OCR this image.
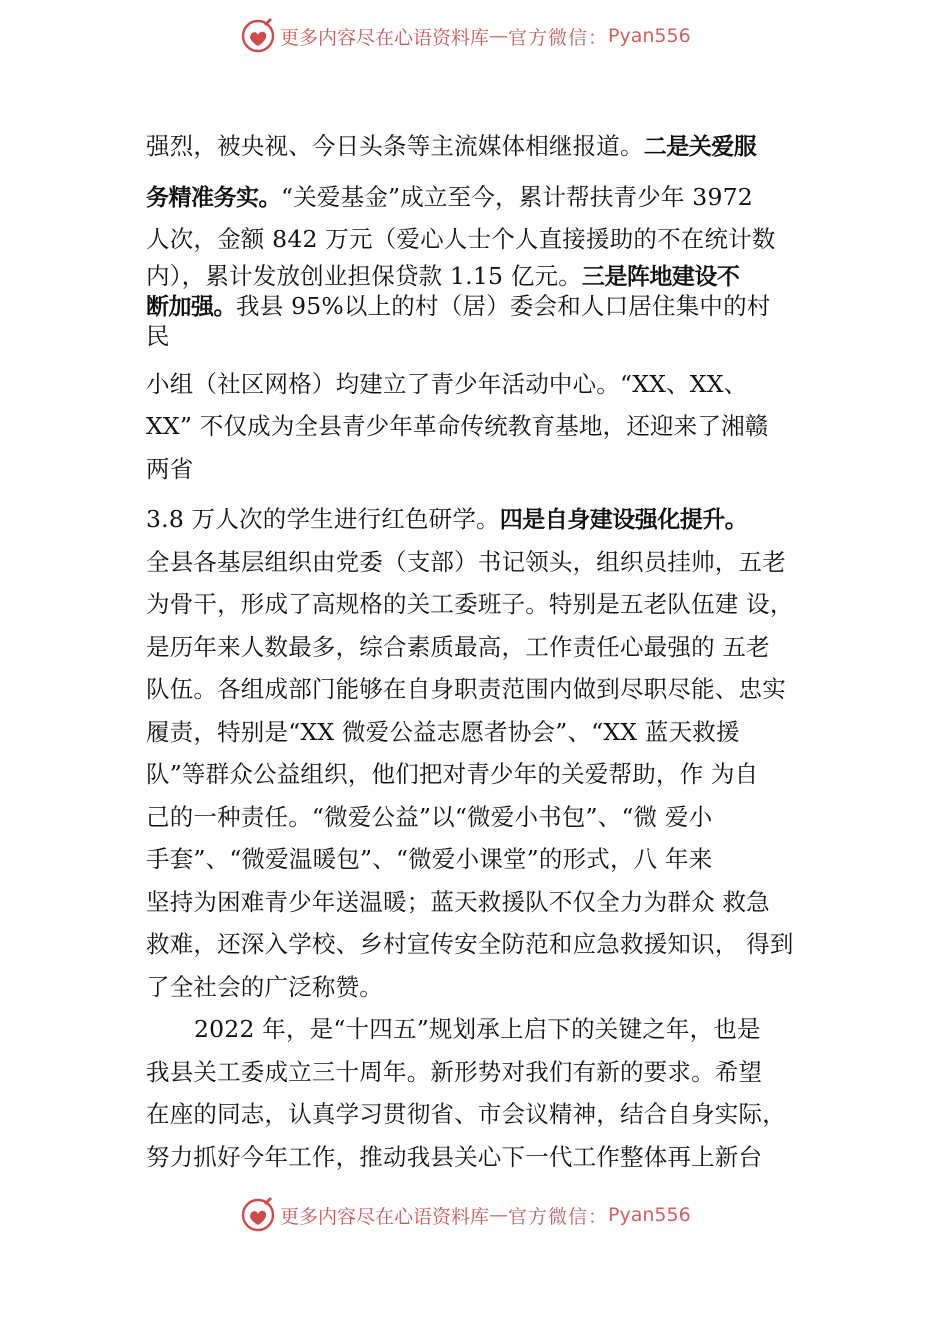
更多内容尽在心语资料库 — 官方微信： Pyan556
强烈，被央视、今日头条等主流媒体相继报道。二是关爱服
务精准务实。“关爱基金”成立至今，累计帮扶青少年 3972
人次，金额 842 万元（爱心人士个人直接援助的不在统计数
内），累计发放创业担保贷款 1.15 亿元。三是阵地建设不
断加强。我县 95%以上的村（居）委会和人口居住集中的村
民
小组（社区网格）均建立了青少年活动中心。“XX、XX、
XX” 不仅成为全县青少年革命传统教育基地，还迎来了湘赣
两省
3.8 万人次的学生进行红色研学。四是自身建设强化提升。
全县各基层组织由党委（支部）书记领头，组织员挂帅，五老
为骨干，形成了高规格的关工委班子。特别是五老队伍建 设，
是历年来人数最多，综合素质最高，工作责任心最强的 五老
队伍。各组成部门能够在自身职责范围内做到尽职尽能、忠实
履责，特别是“XX 微爱公益志愿者协会”、“XX 蓝天救援
队”等群众公益组织，他们把对青少年的关爱帮助，作 为自
己的一种责任。“微爱公益”以“微爱小书包”、“微 爱小
手套”、“微爱温暖包”、“微爱小课堂”的形式，八 年来
坚持为困难青少年送温暖；蓝天救援队不仅全力为群众 救急
救难，还深入学校、乡村宣传安全防范和应急救援知识， 得到
了全社会的广泛称赞。
2022 年，是“十四五”规划承上启下的关键之年，也是
我县关工委成立三十周年。新形势对我们有新的要求。希望
在座的同志，认真学习贯彻省、市会议精神，结合自身实际，
努力抓好今年工作，推动我县关心下一代工作整体再上新台
更多内容尽在心语资料库 — 官方微信： Pyan556
